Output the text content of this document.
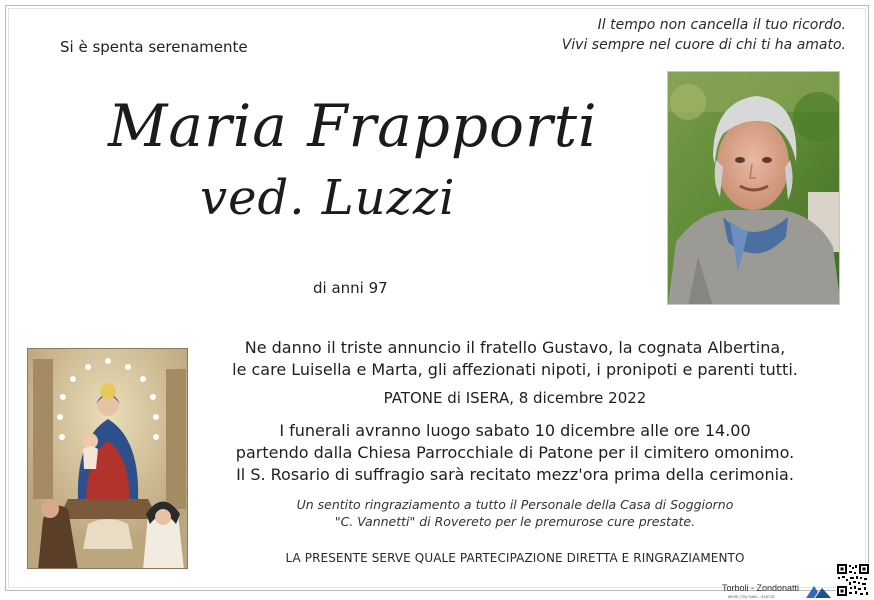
Si è spenta serenamente
Il tempo non cancella il tuo ricordo.
Vivi sempre nel cuore di chi ti ha amato.
Maria Frapporti
ved. Luzzi
di anni 97
Ne danno il triste annuncio il fratello Gustavo, la cognata Albertina,
le care Luisella e Marta, gli affezionati nipoti, i pronipoti e parenti tutti.
PATONE di ISERA, 8 dicembre 2022
I funerali avranno luogo sabato 10 dicembre alle ore 14.00
partendo dalla Chiesa Parrocchiale di Patone per il cimitero omonimo.
Il S. Rosario di suffragio sarà recitato mezz'ora prima della cerimonia.
Un sentito ringraziamento a tutto il Personale della Casa di Soggiorno
"C. Vannetti" di Rovereto per le premurose cure prestate.
LA PRESENTE SERVE QUALE PARTECIPAZIONE DIRETTA E RINGRAZIAMENTO
Torboli - Zondonatti
MORI (TN) 0464 - 918715
